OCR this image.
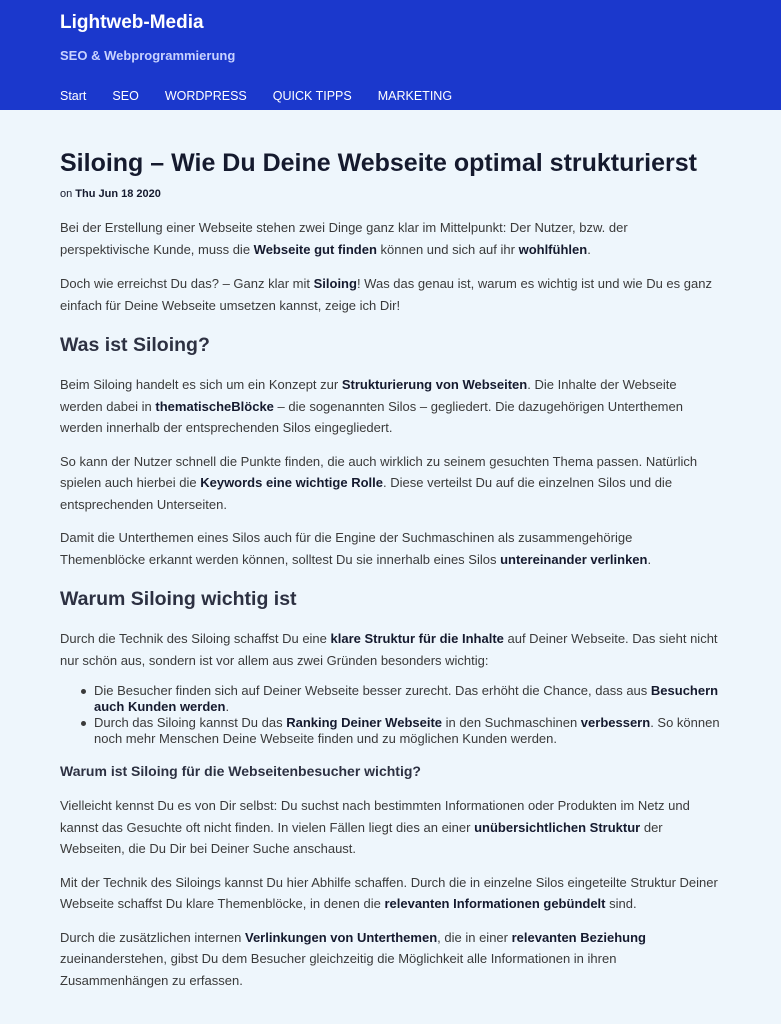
Lightweb-Media
SEO & Webprogrammierung
Start SEO WORDPRESS QUICK TIPPS MARKETING
Siloing – Wie Du Deine Webseite optimal strukturierst
on Thu Jun 18 2020

Bei der Erstellung einer Webseite stehen zwei Dinge ganz klar im Mittelpunkt: Der Nutzer, bzw. der perspektivische Kunde, muss die Webseite gut finden können und sich auf ihr wohlfühlen.

Doch wie erreichst Du das? – Ganz klar mit Siloing! Was das genau ist, warum es wichtig ist und wie Du es ganz einfach für Deine Webseite umsetzen kannst, zeige ich Dir!

Was ist Siloing?

Beim Siloing handelt es sich um ein Konzept zur Strukturierung von Webseiten. Die Inhalte der Webseite werden dabei in thematischeBlöcke – die sogenannten Silos – gegliedert. Die dazugehörigen Unterthemen werden innerhalb der entsprechenden Silos eingegliedert.

So kann der Nutzer schnell die Punkte finden, die auch wirklich zu seinem gesuchten Thema passen. Natürlich spielen auch hierbei die Keywords eine wichtige Rolle. Diese verteilst Du auf die einzelnen Silos und die entsprechenden Unterseiten.

Damit die Unterthemen eines Silos auch für die Engine der Suchmaschinen als zusammengehörige Themenblöcke erkannt werden können, solltest Du sie innerhalb eines Silos untereinander verlinken.

Warum Siloing wichtig ist

Durch die Technik des Siloing schaffst Du eine klare Struktur für die Inhalte auf Deiner Webseite. Das sieht nicht nur schön aus, sondern ist vor allem aus zwei Gründen besonders wichtig:

Die Besucher finden sich auf Deiner Webseite besser zurecht. Das erhöht die Chance, dass aus Besuchern auch Kunden werden.
Durch das Siloing kannst Du das Ranking Deiner Webseite in den Suchmaschinen verbessern. So können noch mehr Menschen Deine Webseite finden und zu möglichen Kunden werden.
Warum ist Siloing für die Webseitenbesucher wichtig?

Vielleicht kennst Du es von Dir selbst: Du suchst nach bestimmten Informationen oder Produkten im Netz und kannst das Gesuchte oft nicht finden. In vielen Fällen liegt dies an einer unübersichtlichen Struktur der Webseiten, die Du Dir bei Deiner Suche anschaust.

Mit der Technik des Siloings kannst Du hier Abhilfe schaffen. Durch die in einzelne Silos eingeteilte Struktur Deiner Webseite schaffst Du klare Themenblöcke, in denen die relevanten Informationen gebündelt sind.

Durch die zusätzlichen internen Verlinkungen von Unterthemen, die in einer relevanten Beziehung zueinanderstehen, gibst Du dem Besucher gleichzeitig die Möglichkeit alle Informationen in ihren Zusammenhängen zu erfassen.
